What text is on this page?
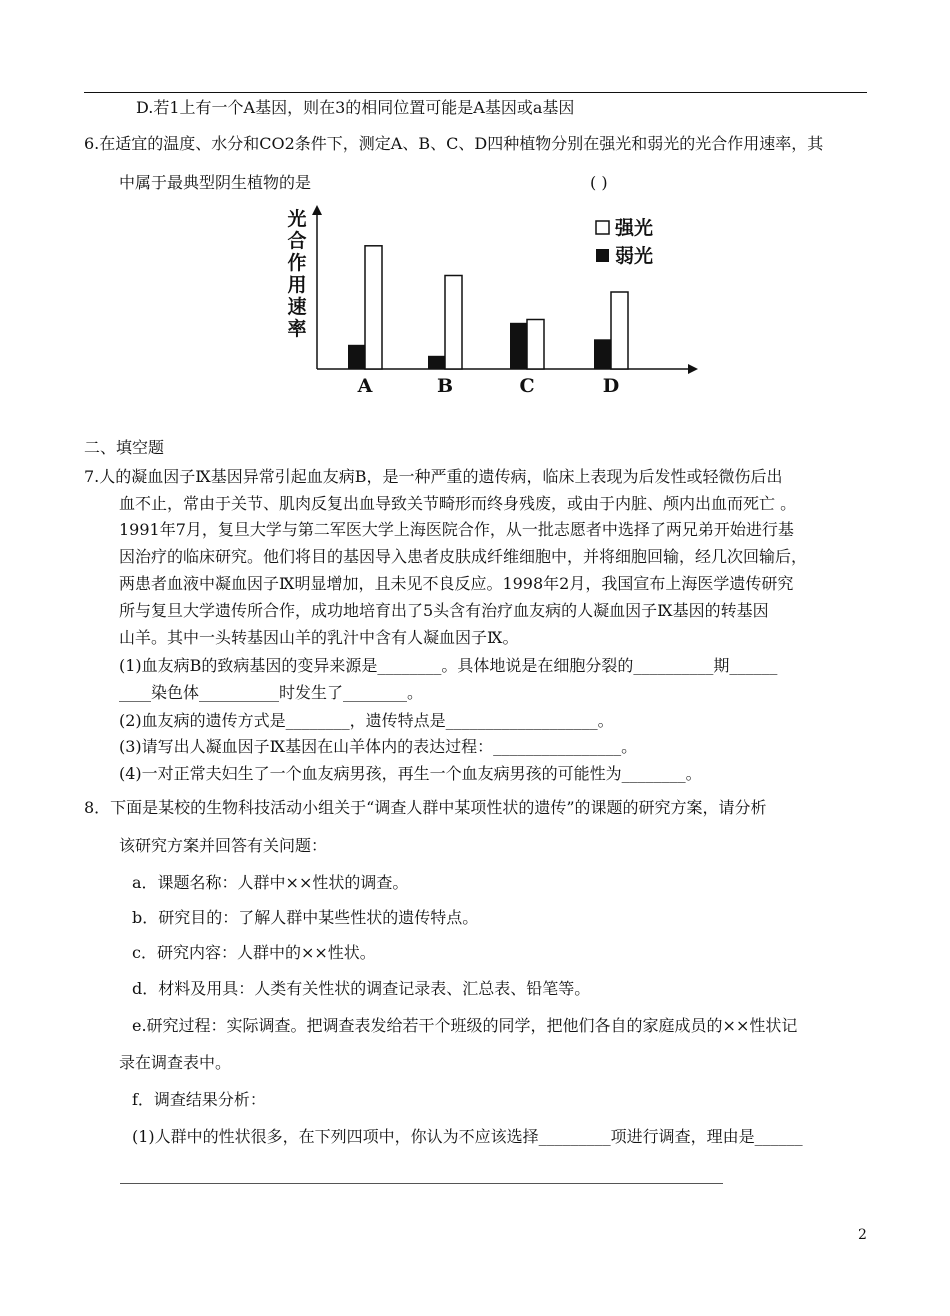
D.若1上有一个A基因，则在3的相同位置可能是A基因或a基因
6.在适宜的温度、水分和CO2条件下，测定A、B、C、D四种植物分别在强光和弱光的光合作用速率，其
中属于最典型阴生植物的是	( )
光
合
作
用
速
率
A	B	C	D
强光
弱光
二、填空题
7.人的凝血因子Ⅸ基因异常引起血友病B，是一种严重的遗传病，临床上表现为后发性或轻微伤后出
血不止，常由于关节、肌肉反复出血导致关节畸形而终身残废，或由于内脏、颅内出血而死亡 。
1991年7月，复旦大学与第二军医大学上海医院合作，从一批志愿者中选择了两兄弟开始进行基
因治疗的临床研究。他们将目的基因导入患者皮肤成纤维细胞中，并将细胞回输，经几次回输后，
两患者血液中凝血因子Ⅸ明显增加，且未见不良反应。1998年2月，我国宣布上海医学遗传研究
所与复旦大学遗传所合作，成功地培育出了5头含有治疗血友病的人凝血因子Ⅸ基因的转基因
山羊。其中一头转基因山羊的乳汁中含有人凝血因子Ⅸ。
(1)血友病B的致病基因的变异来源是________。具体地说是在细胞分裂的__________期______
____染色体__________时发生了________。
(2)血友病的遗传方式是________，遗传特点是___________________。
(3)请写出人凝血因子Ⅸ基因在山羊体内的表达过程：________________。
(4)一对正常夫妇生了一个血友病男孩，再生一个血友病男孩的可能性为________。
8．下面是某校的生物科技活动小组关于“调查人群中某项性状的遗传”的课题的研究方案，请分析
该研究方案并回答有关问题：
a．课题名称：人群中××性状的调查。
b．研究目的：了解人群中某些性状的遗传特点。
c．研究内容：人群中的××性状。
d．材料及用具：人类有关性状的调查记录表、汇总表、铅笔等。
e.研究过程：实际调查。把调查表发给若干个班级的同学，把他们各自的家庭成员的××性状记
录在调查表中。
f．调查结果分析：
(1)人群中的性状很多，在下列四项中，你认为不应该选择_________项进行调查，理由是______
2
